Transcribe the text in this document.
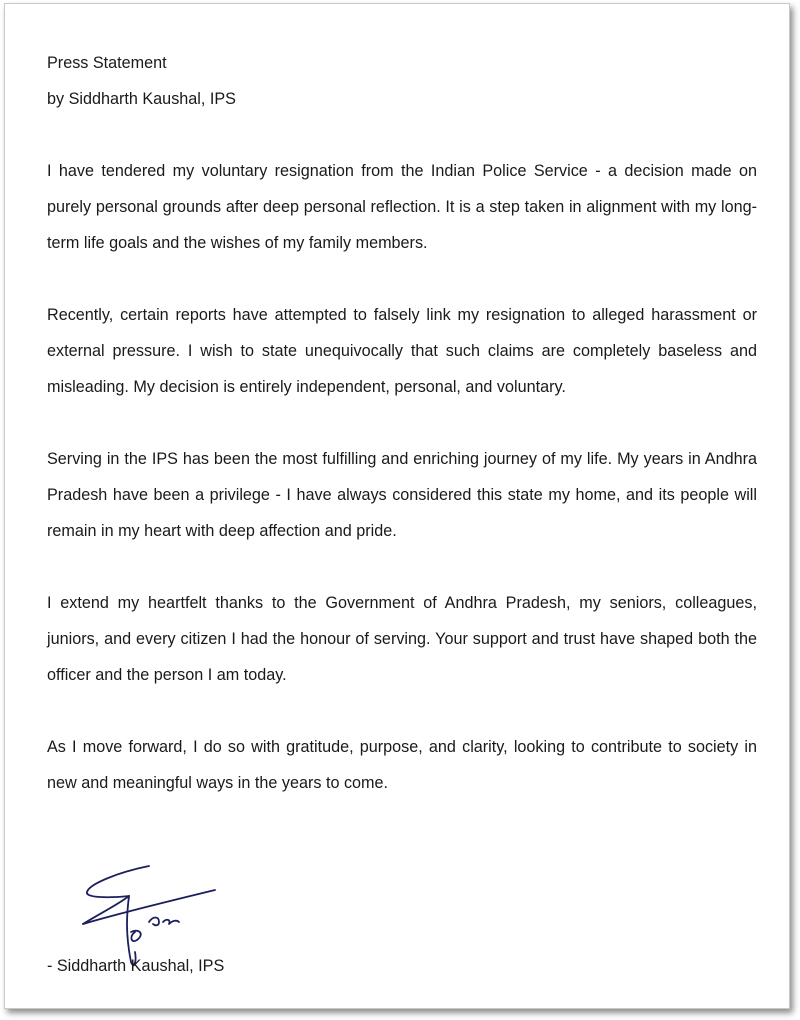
Press Statement

by Siddharth Kaushal, IPS

I have tendered my voluntary resignation from the Indian Police Service - a decision made on purely personal grounds after deep personal reflection. It is a step taken in alignment with my long-term life goals and the wishes of my family members.

Recently, certain reports have attempted to falsely link my resignation to alleged harassment or external pressure. I wish to state unequivocally that such claims are completely baseless and misleading. My decision is entirely independent, personal, and voluntary.

Serving in the IPS has been the most fulfilling and enriching journey of my life. My years in Andhra Pradesh have been a privilege - I have always considered this state my home, and its people will remain in my heart with deep affection and pride.

I extend my heartfelt thanks to the Government of Andhra Pradesh, my seniors, colleagues, juniors, and every citizen I had the honour of serving. Your support and trust have shaped both the officer and the person I am today.

As I move forward, I do so with gratitude, purpose, and clarity, looking to contribute to society in new and meaningful ways in the years to come.

- Siddharth Kaushal, IPS
